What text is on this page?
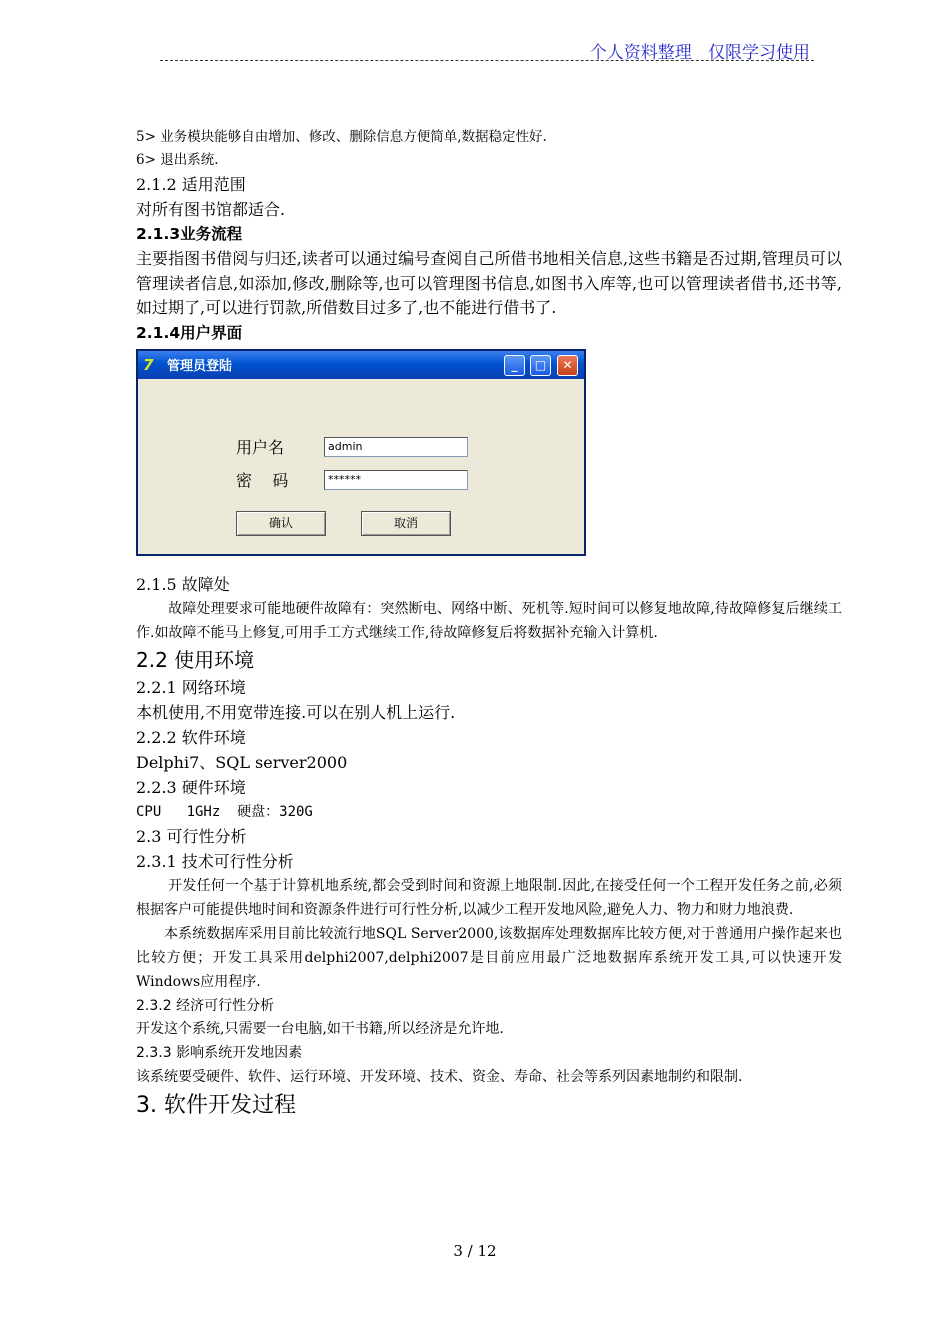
个人资料整理   仅限学习使用
5> 业务模块能够自由增加、修改、删除信息方便简单,数据稳定性好.
6> 退出系统.
2.1.2 适用范围
对所有图书馆都适合.
2.1.3业务流程
主要指图书借阅与归还,读者可以通过编号查阅自己所借书地相关信息,这些书籍是否过期,管理员可以管理读者信息,如添加,修改,删除等,也可以管理图书信息,如图书入库等,也可以管理读者借书,还书等,如过期了,可以进行罚款,所借数目过多了,也不能进行借书了.
2.1.4用户界面
7	管理员登陆	_	□	✕
用户名	admin
密    码	******
确认	取消
2.1.5 故障处
故障处理要求可能地硬件故障有：突然断电、网络中断、死机等.短时间可以修复地故障,待故障修复后继续工作.如故障不能马上修复,可用手工方式继续工作,待故障修复后将数据补充输入计算机.
2.2 使用环境
2.2.1 网络环境
本机使用,不用宽带连接.可以在别人机上运行.
2.2.2 软件环境
Delphi7、SQL server2000
2.2.3 硬件环境
CPU   1GHz  硬盘：320G
2.3 可行性分析
2.3.1 技术可行性分析
开发任何一个基于计算机地系统,都会受到时间和资源上地限制.因此,在接受任何一个工程开发任务之前,必须根据客户可能提供地时间和资源条件进行可行性分析,以减少工程开发地风险,避免人力、物力和财力地浪费.
本系统数据库采用目前比较流行地SQL Server2000,该数据库处理数据库比较方便,对于普通用户操作起来也比较方便；开发工具采用delphi2007,delphi2007是目前应用最广泛地数据库系统开发工具,可以快速开发Windows应用程序.
2.3.2 经济可行性分析
开发这个系统,只需要一台电脑,如干书籍,所以经济是允许地.
2.3.3 影响系统开发地因素
该系统要受硬件、软件、运行环境、开发环境、技术、资金、寿命、社会等系列因素地制约和限制.
3. 软件开发过程
3 / 12
